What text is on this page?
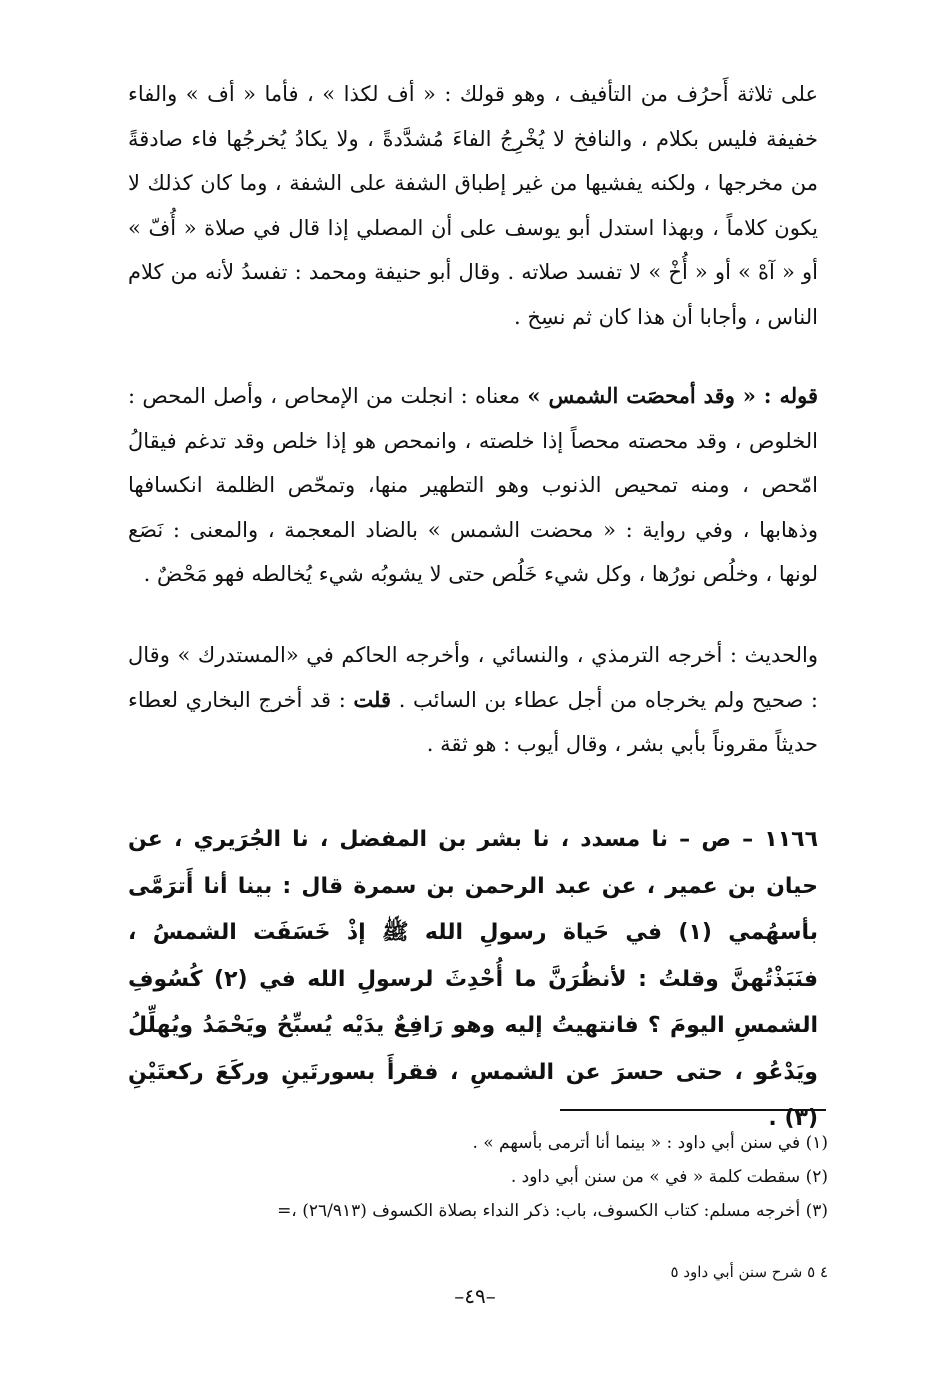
على ثلاثة أَحرُف من التأفيف ، وهو قولك : « أف لكذا » ، فأما « أف » والفاء خفيفة فليس بكلام ، والنافخ لا يُخْرِجُ الفاءَ مُشدَّدةً ، ولا يكادُ يُخرجُها فاء صادقةً من مخرجها ، ولكنه يفشيها من غير إطباق الشفة على الشفة ، وما كان كذلك لا يكون كلاماً ، وبهذا استدل أبو يوسف على أن المصلي إذا قال في صلاة « أُفّ » أو « آهْ » أو « أُخْ » لا تفسد صلاته . وقال أبو حنيفة ومحمد : تفسدُ لأنه من كلام الناس ، وأجابا أن هذا كان ثم نسِخ .

قوله : « وقد أمحصَت الشمس » معناه : انجلت من الإمحاص ، وأصل المحص : الخلوص ، وقد محصته محصاً إذا خلصته ، وانمحص هو إذا خلص وقد تدغم فيقالُ امّحص ، ومنه تمحيص الذنوب وهو التطهير منها، وتمحّص الظلمة انكسافها وذهابها ، وفي رواية : « محضت الشمس » بالضاد المعجمة ، والمعنى : نَصَع لونها ، وخلُص نورُها ، وكل شيء خَلُص حتى لا يشوبُه شيء يُخالطه فهو مَحْضٌ .

والحديث : أخرجه الترمذي ، والنسائي ، وأخرجه الحاكم في «المستدرك » وقال : صحيح ولم يخرجاه من أجل عطاء بن السائب . قلت : قد أخرج البخاري لعطاء حديثاً مقروناً بأبي بشر ، وقال أيوب : هو ثقة .

١١٦٦ – ص – نا مسدد ، نا بشر بن المفضل ، نا الجُرَيري ، عن حيان بن عمير ، عن عبد الرحمن بن سمرة قال : بينا أنا أَترَمَّى بأسهُمي (١) في حَياة رسولِ الله ﷺ إذْ خَسَفَت الشمسُ ، فنَبَذْتُهنَّ وقلتُ : لأنظُرَنَّ ما أُحْدِثَ لرسولِ الله في (٢) كُسُوفِ الشمسِ اليومَ ؟ فانتهيتُ إليه وهو رَافِعٌ يدَيْه يُسبِّحُ ويَحْمَدُ ويُهلِّلُ ويَدْعُو ، حتى حسرَ عن الشمسِ ، فقرأَ بسورتَينِ وركَعَ ركعتَيْنِ (٣) .

(١) في سنن أبي داود : « بينما أنا أترمى بأسهم » .
(٢) سقطت كلمة « في » من سنن أبي داود .
(٣) أخرجه مسلم: كتاب الكسوف، باب: ذكر النداء بصلاة الكسوف (٢٦/٩١٣) ،=
٤ ٥ شرح سنن أبي داود ٥
–٤٩–
